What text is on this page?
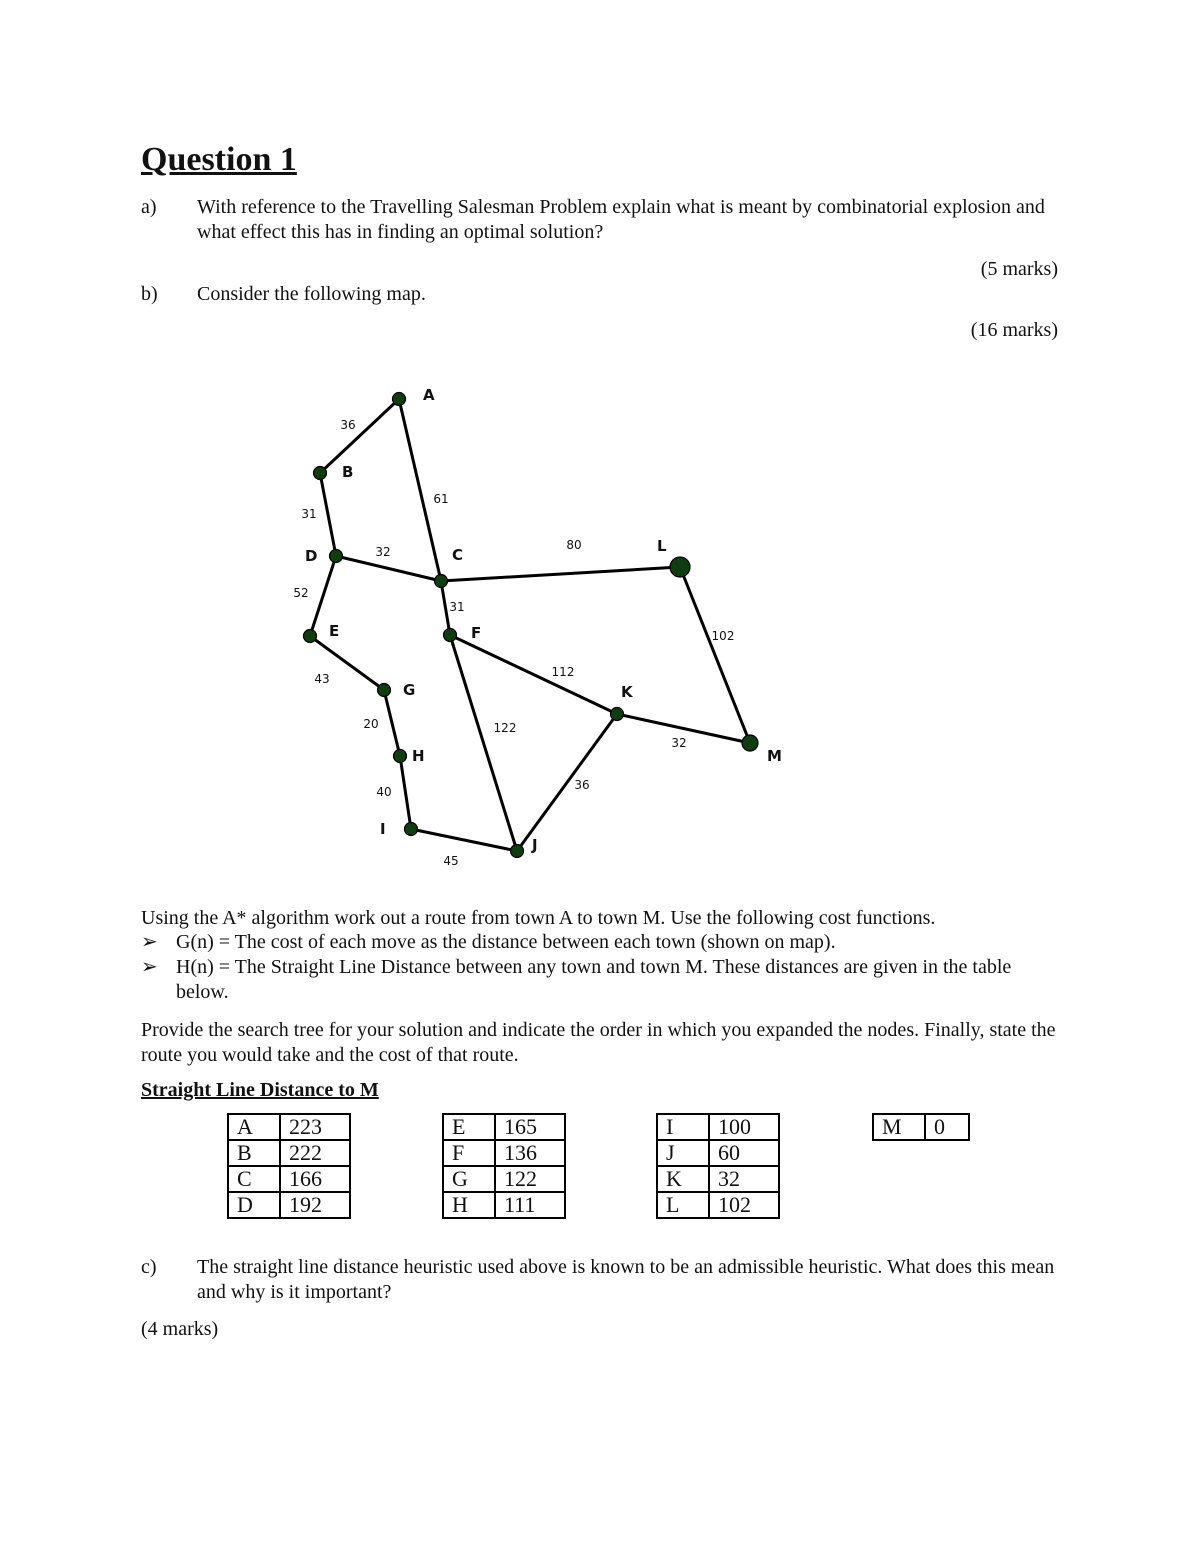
Question 1
a) With reference to the Travelling Salesman Problem explain what is meant by combinatorial explosion and what effect this has in finding an optimal solution?
(5 marks)
b) Consider the following map.
(16 marks)
36
61
31
32	80
52
31
102
43	112
20	122
32
40	36
45
A
B
C
D
E	F
G
H
I
J
K
L
M
Using the A* algorithm work out a route from town A to town M. Use the following cost functions.
➢ G(n) = The cost of each move as the distance between each town (shown on map).
➢ H(n) = The Straight Line Distance between any town and town M. These distances are given in the table below.
Provide the search tree for your solution and indicate the order in which you expanded the nodes. Finally, state the route you would take and the cost of that route.
Straight Line Distance to M
A	223
B	222
C	166
D	192
E	165
F	136
G	122
H	111
I	100
J	60
K	32
L	102
M	0
c) The straight line distance heuristic used above is known to be an admissible heuristic. What does this mean and why is it important?
(4 marks)
